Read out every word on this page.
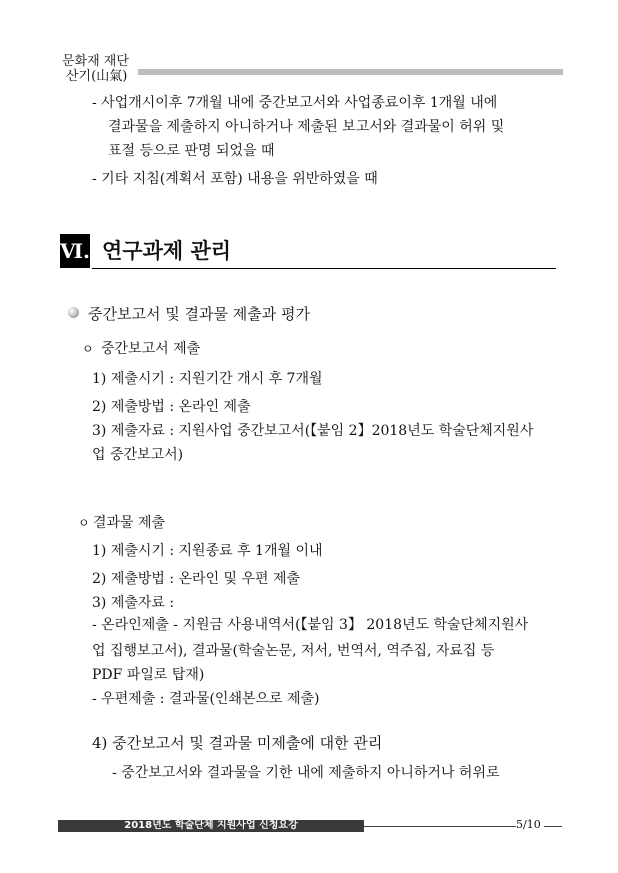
문화재 재단
산기(山氣)
- 사업개시이후 7개월 내에 중간보고서와 사업종료이후 1개월 내에
결과물을 제출하지 아니하거나 제출된 보고서와 결과물이 허위 및
표절 등으로 판명 되었을 때
- 기타 지침(계획서 포함) 내용을 위반하였을 때
Ⅵ. 연구과제 관리
중간보고서 및 결과물 제출과 평가
ㅇ 중간보고서 제출
1) 제출시기 : 지원기간 개시 후 7개월
2) 제출방법 : 온라인 제출
3) 제출자료 : 지원사업 중간보고서(【붙임 2】2018년도 학술단체지원사
업 중간보고서)
ㅇ 결과물 제출
1) 제출시기 : 지원종료 후 1개월 이내
2) 제출방법 : 온라인 및 우편 제출
3) 제출자료 :
- 온라인제출 - 지원금 사용내역서(【붙임 3】 2018년도 학술단체지원사
업 집행보고서), 결과물(학술논문, 저서, 번역서, 역주집, 자료집 등
PDF 파일로 탑재)
- 우편제출 : 결과물(인쇄본으로 제출)
4) 중간보고서 및 결과물 미제출에 대한 관리
- 중간보고서와 결과물을 기한 내에 제출하지 아니하거나 허위로
2018년도 학술단체 지원사업 신청요강	5/10
